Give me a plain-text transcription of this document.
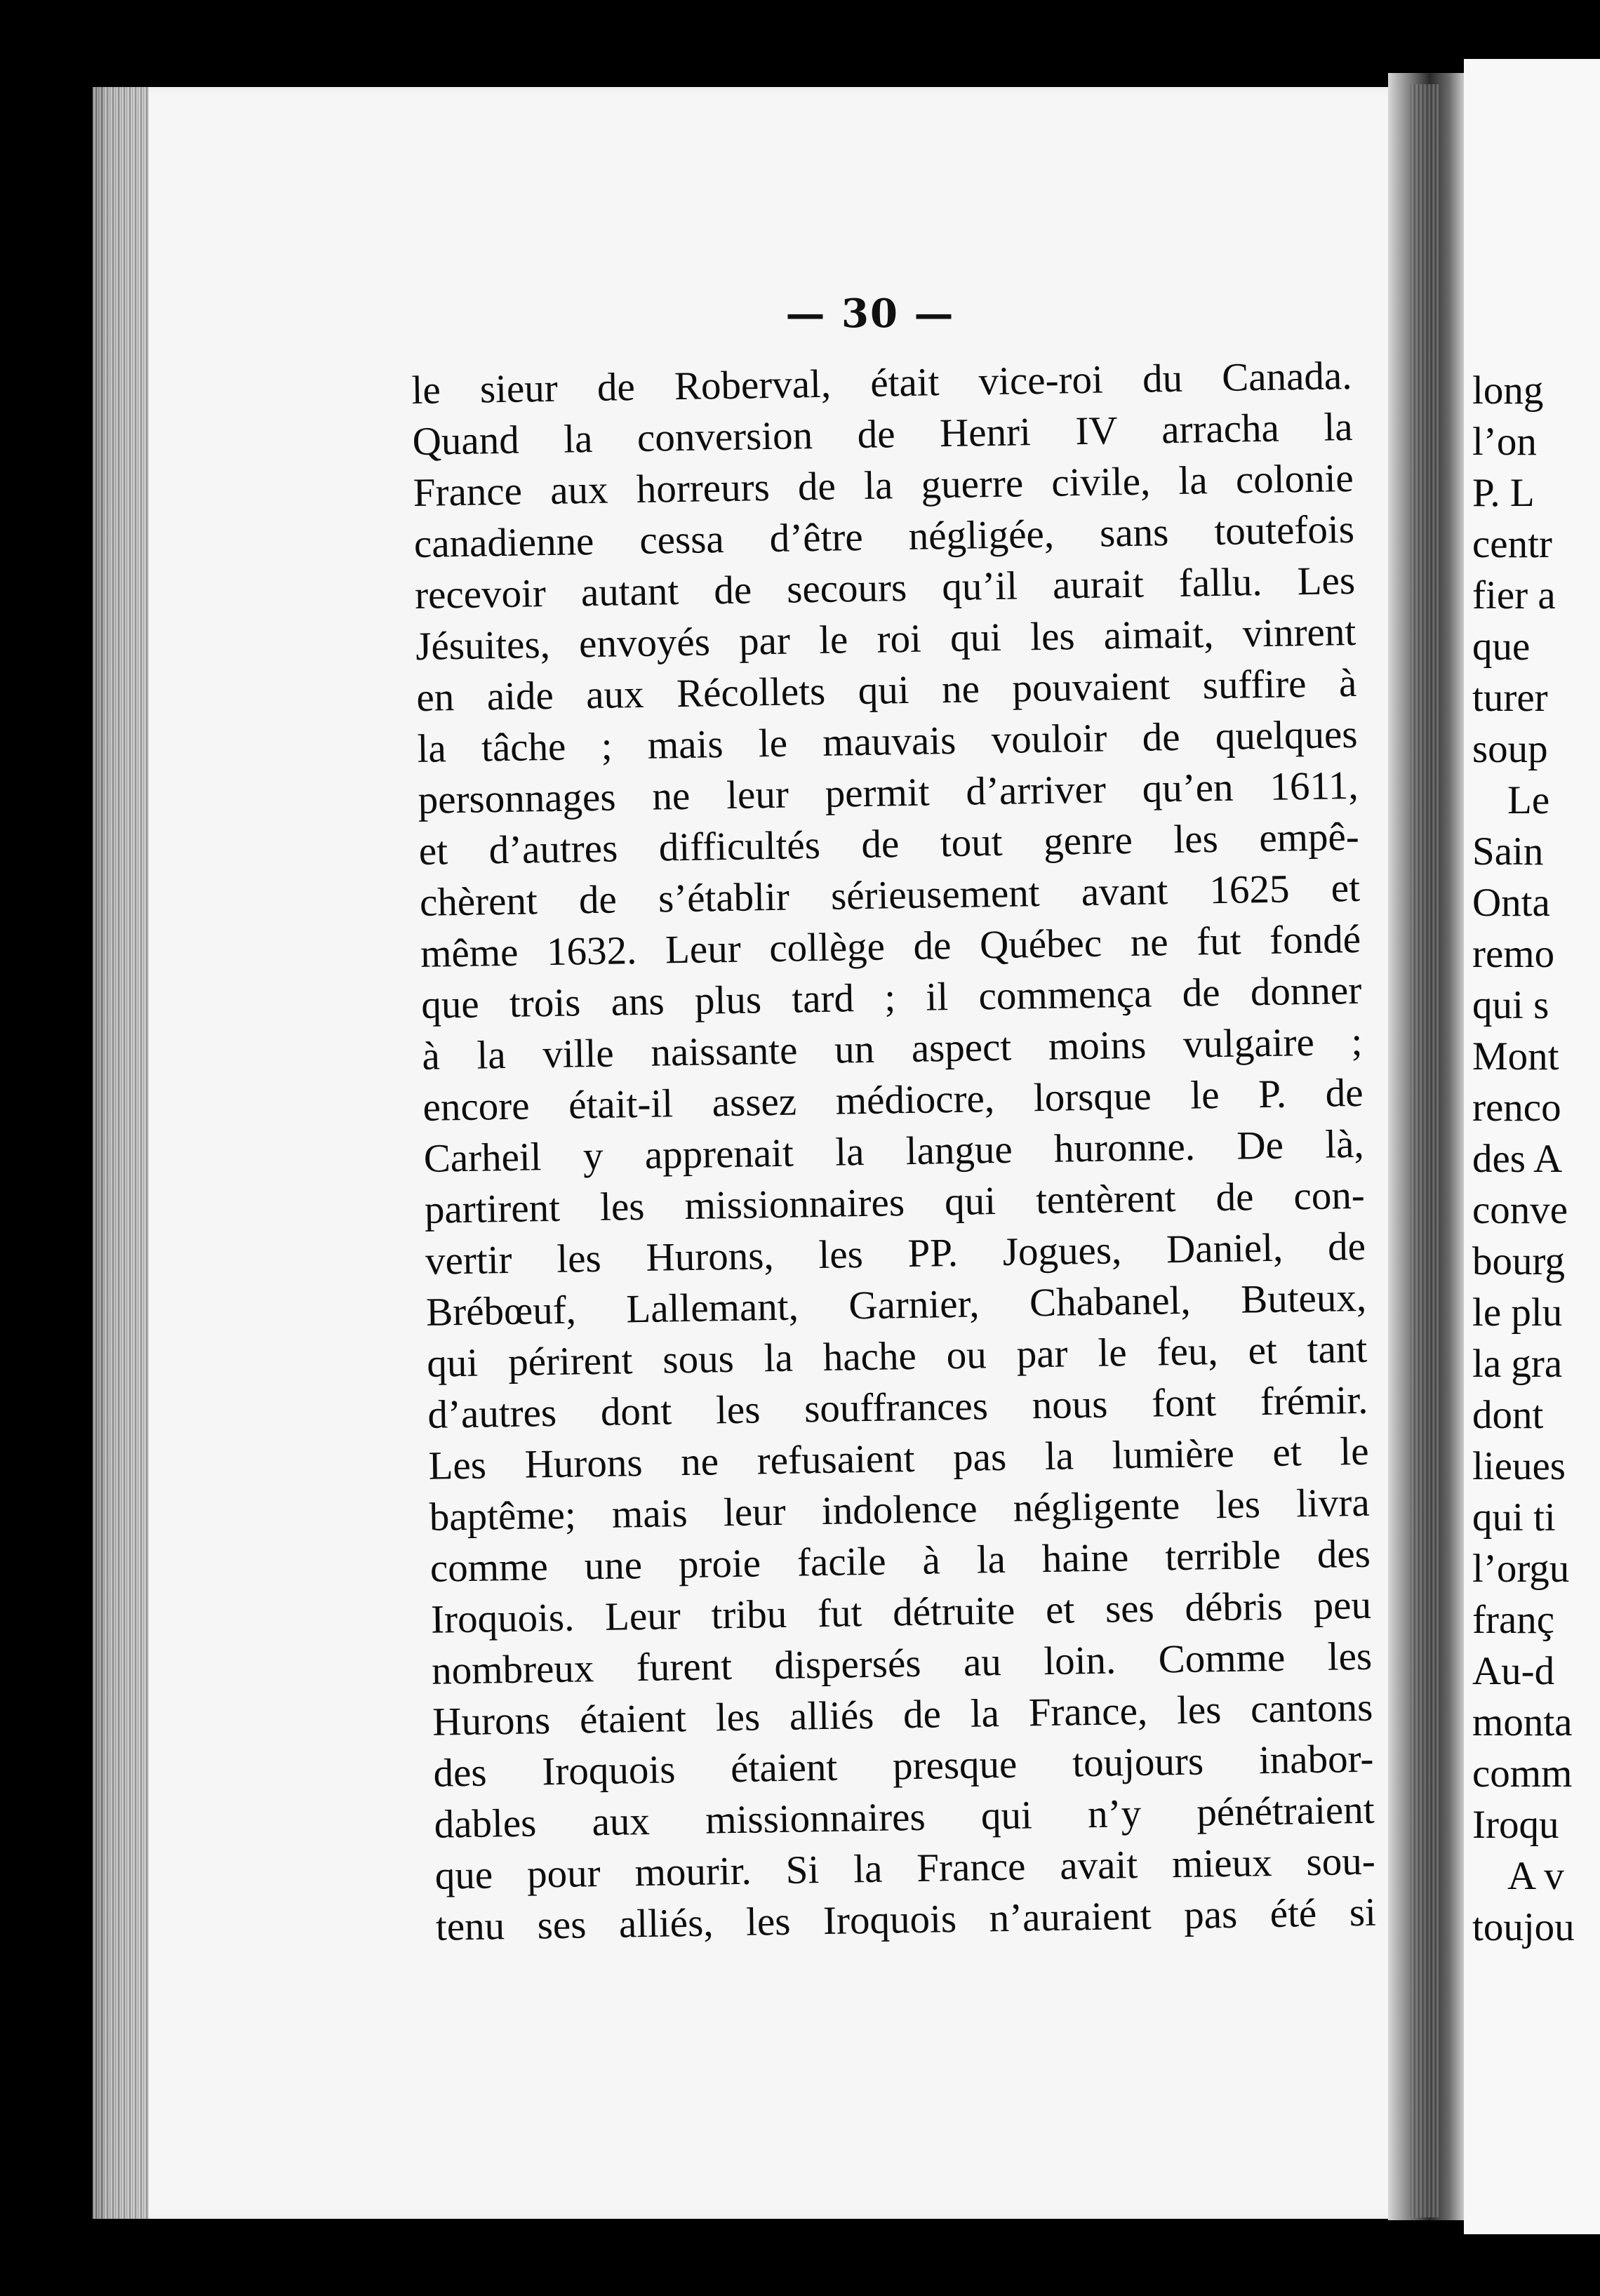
— 30 —
le sieur de Roberval, était vice-roi du Canada.
Quand la conversion de Henri IV arracha la
France aux horreurs de la guerre civile, la colonie
canadienne cessa d’être négligée, sans toutefois
recevoir autant de secours qu’il aurait fallu. Les
Jésuites, envoyés par le roi qui les aimait, vinrent
en aide aux Récollets qui ne pouvaient suffire à
la tâche ; mais le mauvais vouloir de quelques
personnages ne leur permit d’arriver qu’en 1611,
et d’autres difficultés de tout genre les empê-
chèrent de s’établir sérieusement avant 1625 et
même 1632. Leur collège de Québec ne fut fondé
que trois ans plus tard ; il commença de donner
à la ville naissante un aspect moins vulgaire ;
encore était-il assez médiocre, lorsque le P. de
Carheil y apprenait la langue huronne. De là,
partirent les missionnaires qui tentèrent de con-
vertir les Hurons, les PP. Jogues, Daniel, de
Brébœuf, Lallemant, Garnier, Chabanel, Buteux,
qui périrent sous la hache ou par le feu, et tant
d’autres dont les souffrances nous font frémir.
Les Hurons ne refusaient pas la lumière et le
baptême; mais leur indolence négligente les livra
comme une proie facile à la haine terrible des
Iroquois. Leur tribu fut détruite et ses débris peu
nombreux furent dispersés au loin. Comme les
Hurons étaient les alliés de la France, les cantons
des Iroquois étaient presque toujours inabor-
dables aux missionnaires qui n’y pénétraient
que pour mourir. Si la France avait mieux sou-
tenu ses alliés, les Iroquois n’auraient pas été si
long
l’on
P. L
centr
fier a
que
turer
soup
Le
Sain
Onta
remo
qui s
Mont
renco
des A
conve
bourg
le plu
la gra
dont
lieues
qui ti
l’orgu
franç
Au-d
monta
comm
Iroqu
A v
toujou
